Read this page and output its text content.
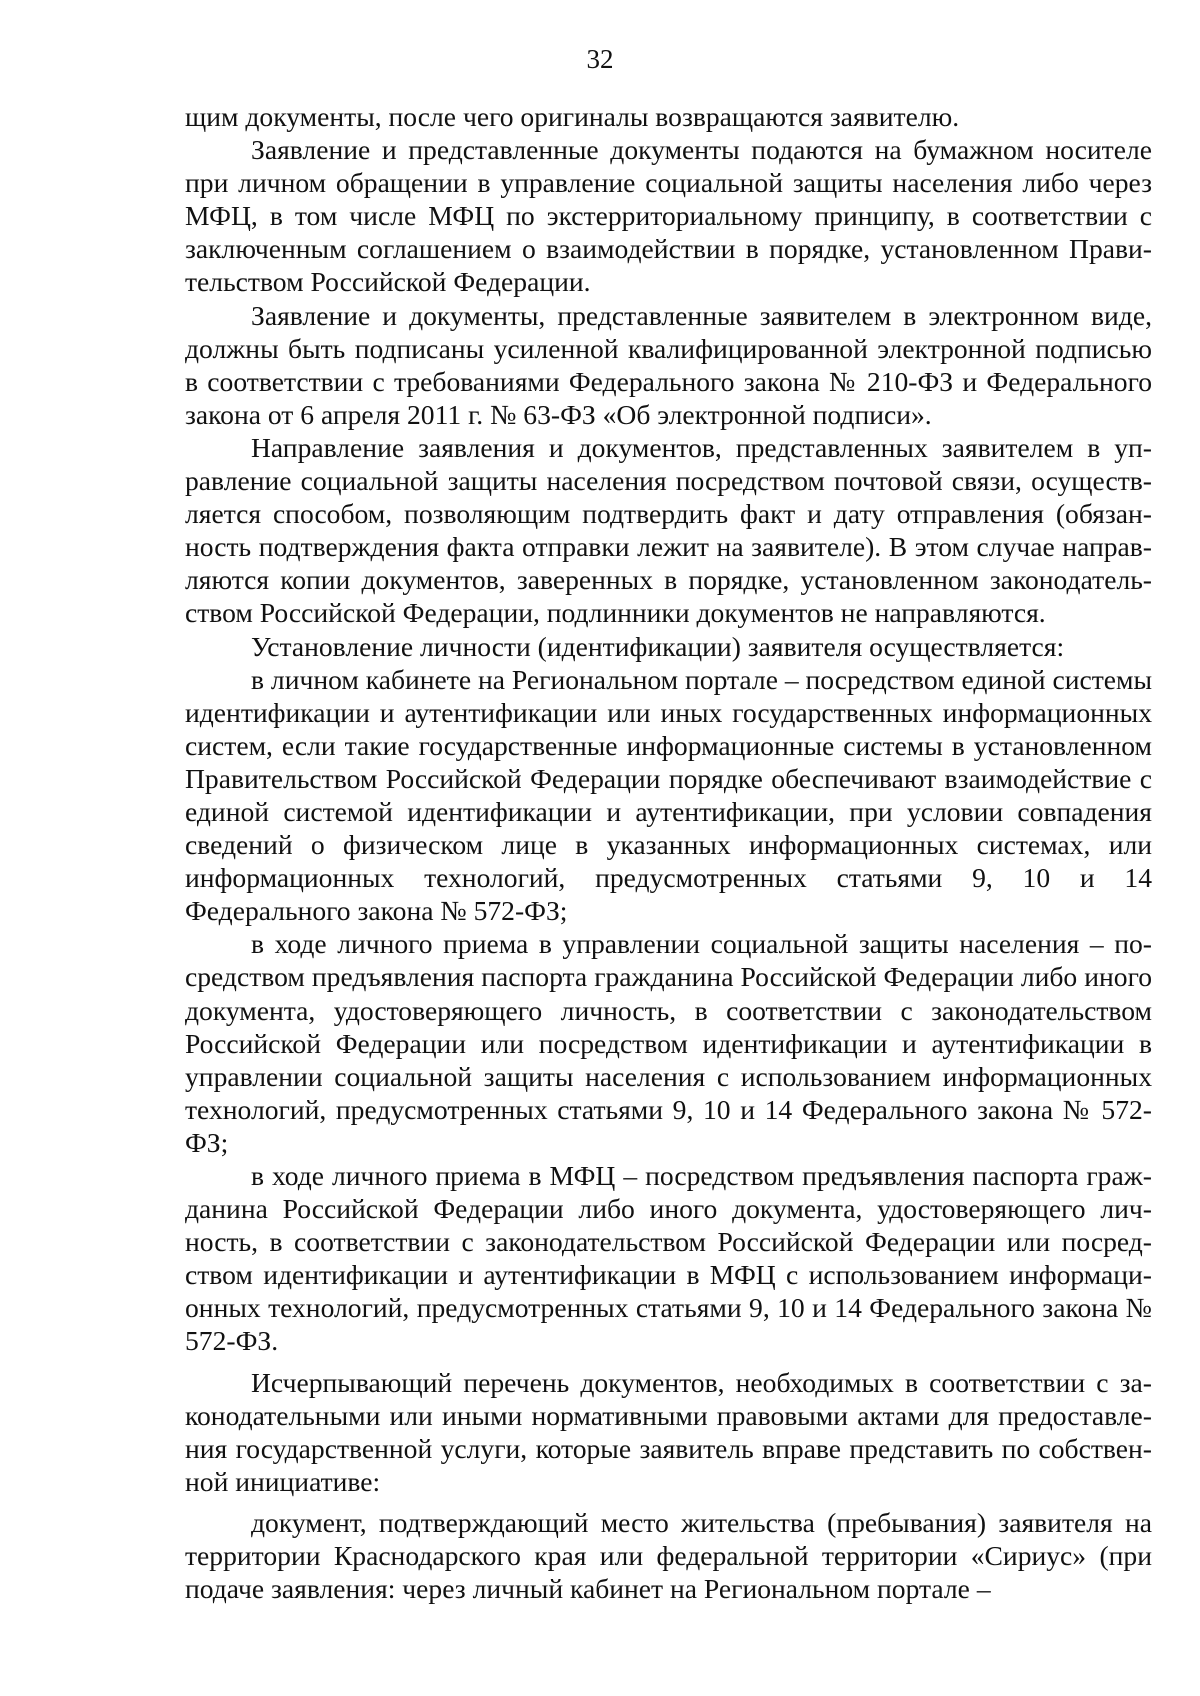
32

щим документы, после чего оригиналы возвращаются заявителю.

Заявление и представленные документы подаются на бумажном носителе при личном обращении в управление социальной защиты населения либо через МФЦ, в том числе МФЦ по экстерриториальному принципу, в соответствии с заключенным соглашением о взаимодействии в порядке, установленном Правительством Российской Федерации.

Заявление и документы, представленные заявителем в электронном виде, должны быть подписаны усиленной квалифицированной электронной подписью в соответствии с требованиями Федерального закона № 210-ФЗ и Федерального закона от 6 апреля 2011 г. № 63-ФЗ «Об электронной подписи».

Направление заявления и документов, представленных заявителем в управление социальной защиты населения посредством почтовой связи, осуществляется способом, позволяющим подтвердить факт и дату отправления (обязанность подтверждения факта отправки лежит на заявителе). В этом случае направляются копии документов, заверенных в порядке, установленном законодательством Российской Федерации, подлинники документов не направляются.

Установление личности (идентификации) заявителя осуществляется:

в личном кабинете на Региональном портале – посредством единой системы идентификации и аутентификации или иных государственных информационных систем, если такие государственные информационные системы в установленном Правительством Российской Федерации порядке обеспечивают взаимодействие с единой системой идентификации и аутентификации, при условии совпадения сведений о физическом лице в указанных информационных системах, или информационных технологий, предусмотренных статьями 9, 10 и 14 Федерального закона № 572-ФЗ;

в ходе личного приема в управлении социальной защиты населения – посредством предъявления паспорта гражданина Российской Федерации либо иного документа, удостоверяющего личность, в соответствии с законодательством Российской Федерации или посредством идентификации и аутентификации в управлении социальной защиты населения с использованием информационных технологий, предусмотренных статьями 9, 10 и 14 Федерального закона № 572-ФЗ;

в ходе личного приема в МФЦ – посредством предъявления паспорта гражданина Российской Федерации либо иного документа, удостоверяющего личность, в соответствии с законодательством Российской Федерации или посредством идентификации и аутентификации в МФЦ с использованием информационных технологий, предусмотренных статьями 9, 10 и 14 Федерального закона № 572-ФЗ.

Исчерпывающий перечень документов, необходимых в соответствии с законодательными или иными нормативными правовыми актами для предоставления государственной услуги, которые заявитель вправе представить по собственной инициативе:

документ, подтверждающий место жительства (пребывания) заявителя на территории Краснодарского края или федеральной территории «Сириус» (при подаче заявления: через личный кабинет на Региональном портале –
